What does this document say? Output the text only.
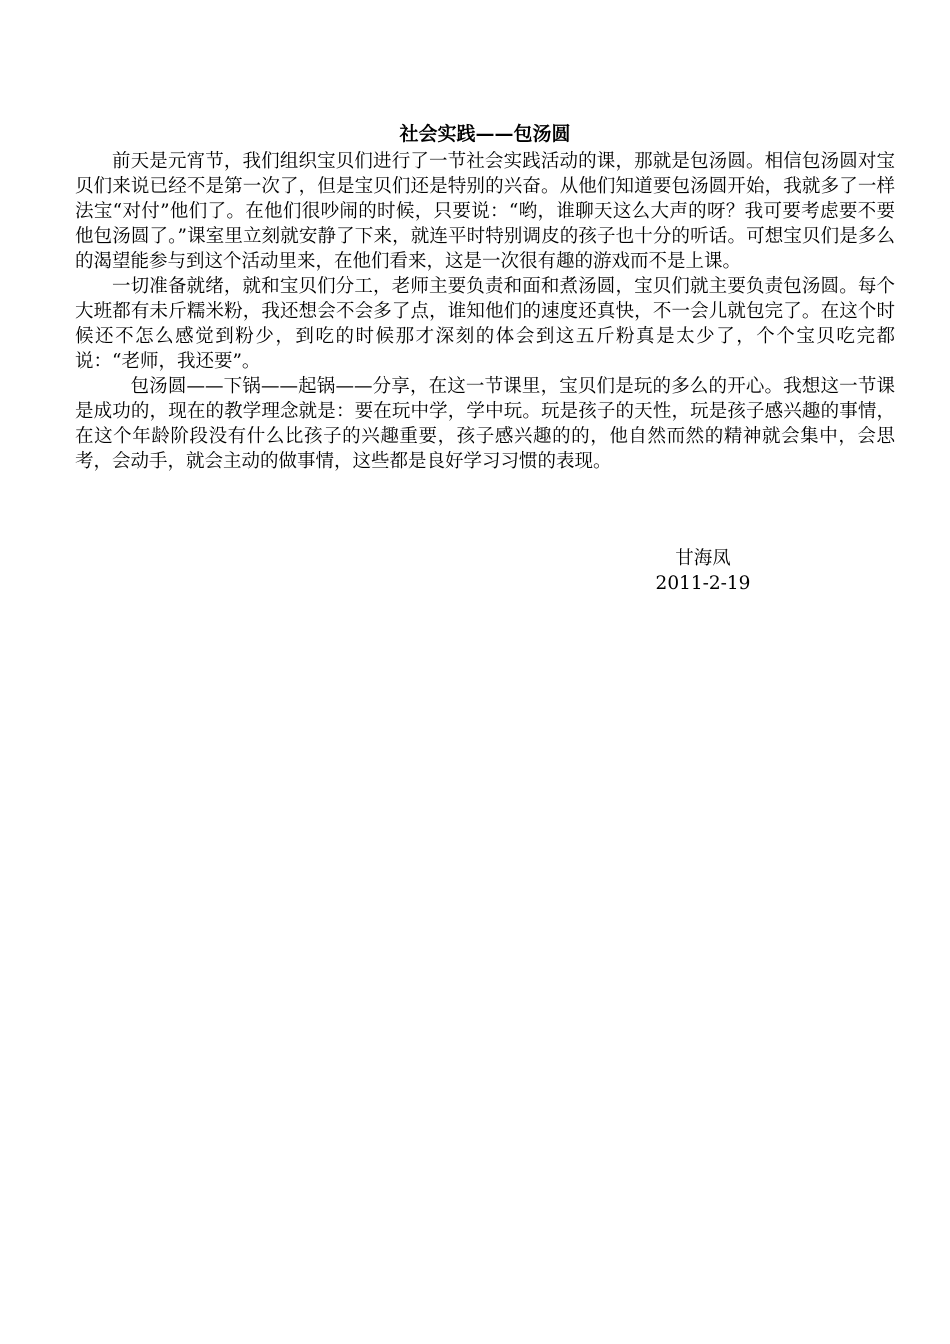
社会实践——包汤圆

前天是元宵节，我们组织宝贝们进行了一节社会实践活动的课，那就是包汤圆。相信包汤圆对宝贝们来说已经不是第一次了，但是宝贝们还是特别的兴奋。从他们知道要包汤圆开始，我就多了一样法宝“对付”他们了。在他们很吵闹的时候，只要说：“哟，谁聊天这么大声的呀？我可要考虑要不要他包汤圆了。”课室里立刻就安静了下来，就连平时特别调皮的孩子也十分的听话。可想宝贝们是多么的渴望能参与到这个活动里来，在他们看来，这是一次很有趣的游戏而不是上课。

一切准备就绪，就和宝贝们分工，老师主要负责和面和煮汤圆，宝贝们就主要负责包汤圆。每个大班都有未斤糯米粉，我还想会不会多了点，谁知他们的速度还真快，不一会儿就包完了。在这个时候还不怎么感觉到粉少，到吃的时候那才深刻的体会到这五斤粉真是太少了，个个宝贝吃完都说：“老师，我还要”。

包汤圆——下锅——起锅——分享，在这一节课里，宝贝们是玩的多么的开心。我想这一节课是成功的，现在的教学理念就是：要在玩中学，学中玩。玩是孩子的天性，玩是孩子感兴趣的事情，在这个年龄阶段没有什么比孩子的兴趣重要，孩子感兴趣的的，他自然而然的精神就会集中，会思考，会动手，就会主动的做事情，这些都是良好学习习惯的表现。

甘海凤
2011-2-19
